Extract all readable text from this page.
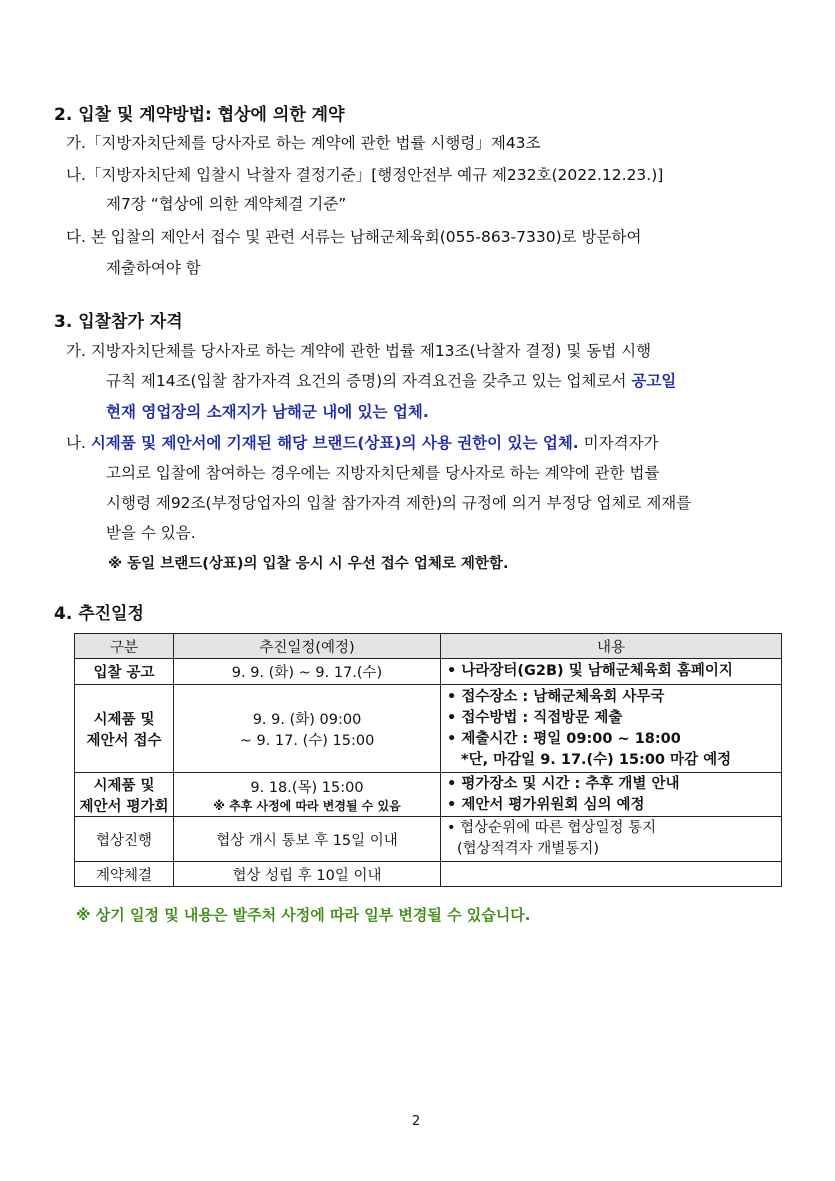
2. 입찰 및 계약방법: 협상에 의한 계약
가.「지방자치단체를 당사자로 하는 계약에 관한 법률 시행령」제43조
나.「지방자치단체 입찰시 낙찰자 결정기준」[행정안전부 예규 제232호(2022.12.23.)]
제7장 “협상에 의한 계약체결 기준”
다. 본 입찰의 제안서 접수 및 관련 서류는 남해군체육회(055-863-7330)로 방문하여
제출하여야 함
3. 입찰참가 자격
가. 지방자치단체를 당사자로 하는 계약에 관한 법률 제13조(낙찰자 결정) 및 동법 시행
규칙 제14조(입찰 참가자격 요건의 증명)의 자격요건을 갖추고 있는 업체로서 공고일
현재 영업장의 소재지가 남해군 내에 있는 업체.
나. 시제품 및 제안서에 기재된 해당 브랜드(상표)의 사용 권한이 있는 업체. 미자격자가
고의로 입찰에 참여하는 경우에는 지방자치단체를 당사자로 하는 계약에 관한 법률
시행령 제92조(부정당업자의 입찰 참가자격 제한)의 규정에 의거 부정당 업체로 제재를
받을 수 있음.
※ 동일 브랜드(상표)의 입찰 응시 시 우선 접수 업체로 제한함.
4. 추진일정
구분	추진일정(예정)	내용
입찰 공고	9. 9. (화) ~ 9. 17.(수)	• 나라장터(G2B) 및 남해군체육회 홈페이지

시제품 및
제안서 접수	9. 9. (화) 09:00
~ 9. 17. (수) 15:00	• 접수장소 : 남해군체육회 사무국
• 접수방법 : 직접방문 제출
• 제출시간 : 평일 09:00 ~ 18:00
*단, 마감일 9. 17.(수) 15:00 마감 예정

시제품 및
제안서 평가회	9. 18.(목) 15:00
※ 추후 사정에 따라 변경될 수 있음	• 평가장소 및 시간 : 추후 개별 안내
• 제안서 평가위원회 심의 예정

협상진행	협상 개시 통보 후 15일 이내	• 협상순위에 따른 협상일정 통지
(협상적격자 개별통지)

계약체결	협상 성립 후 10일 이내	
※ 상기 일정 및 내용은 발주처 사정에 따라 일부 변경될 수 있습니다.
2
